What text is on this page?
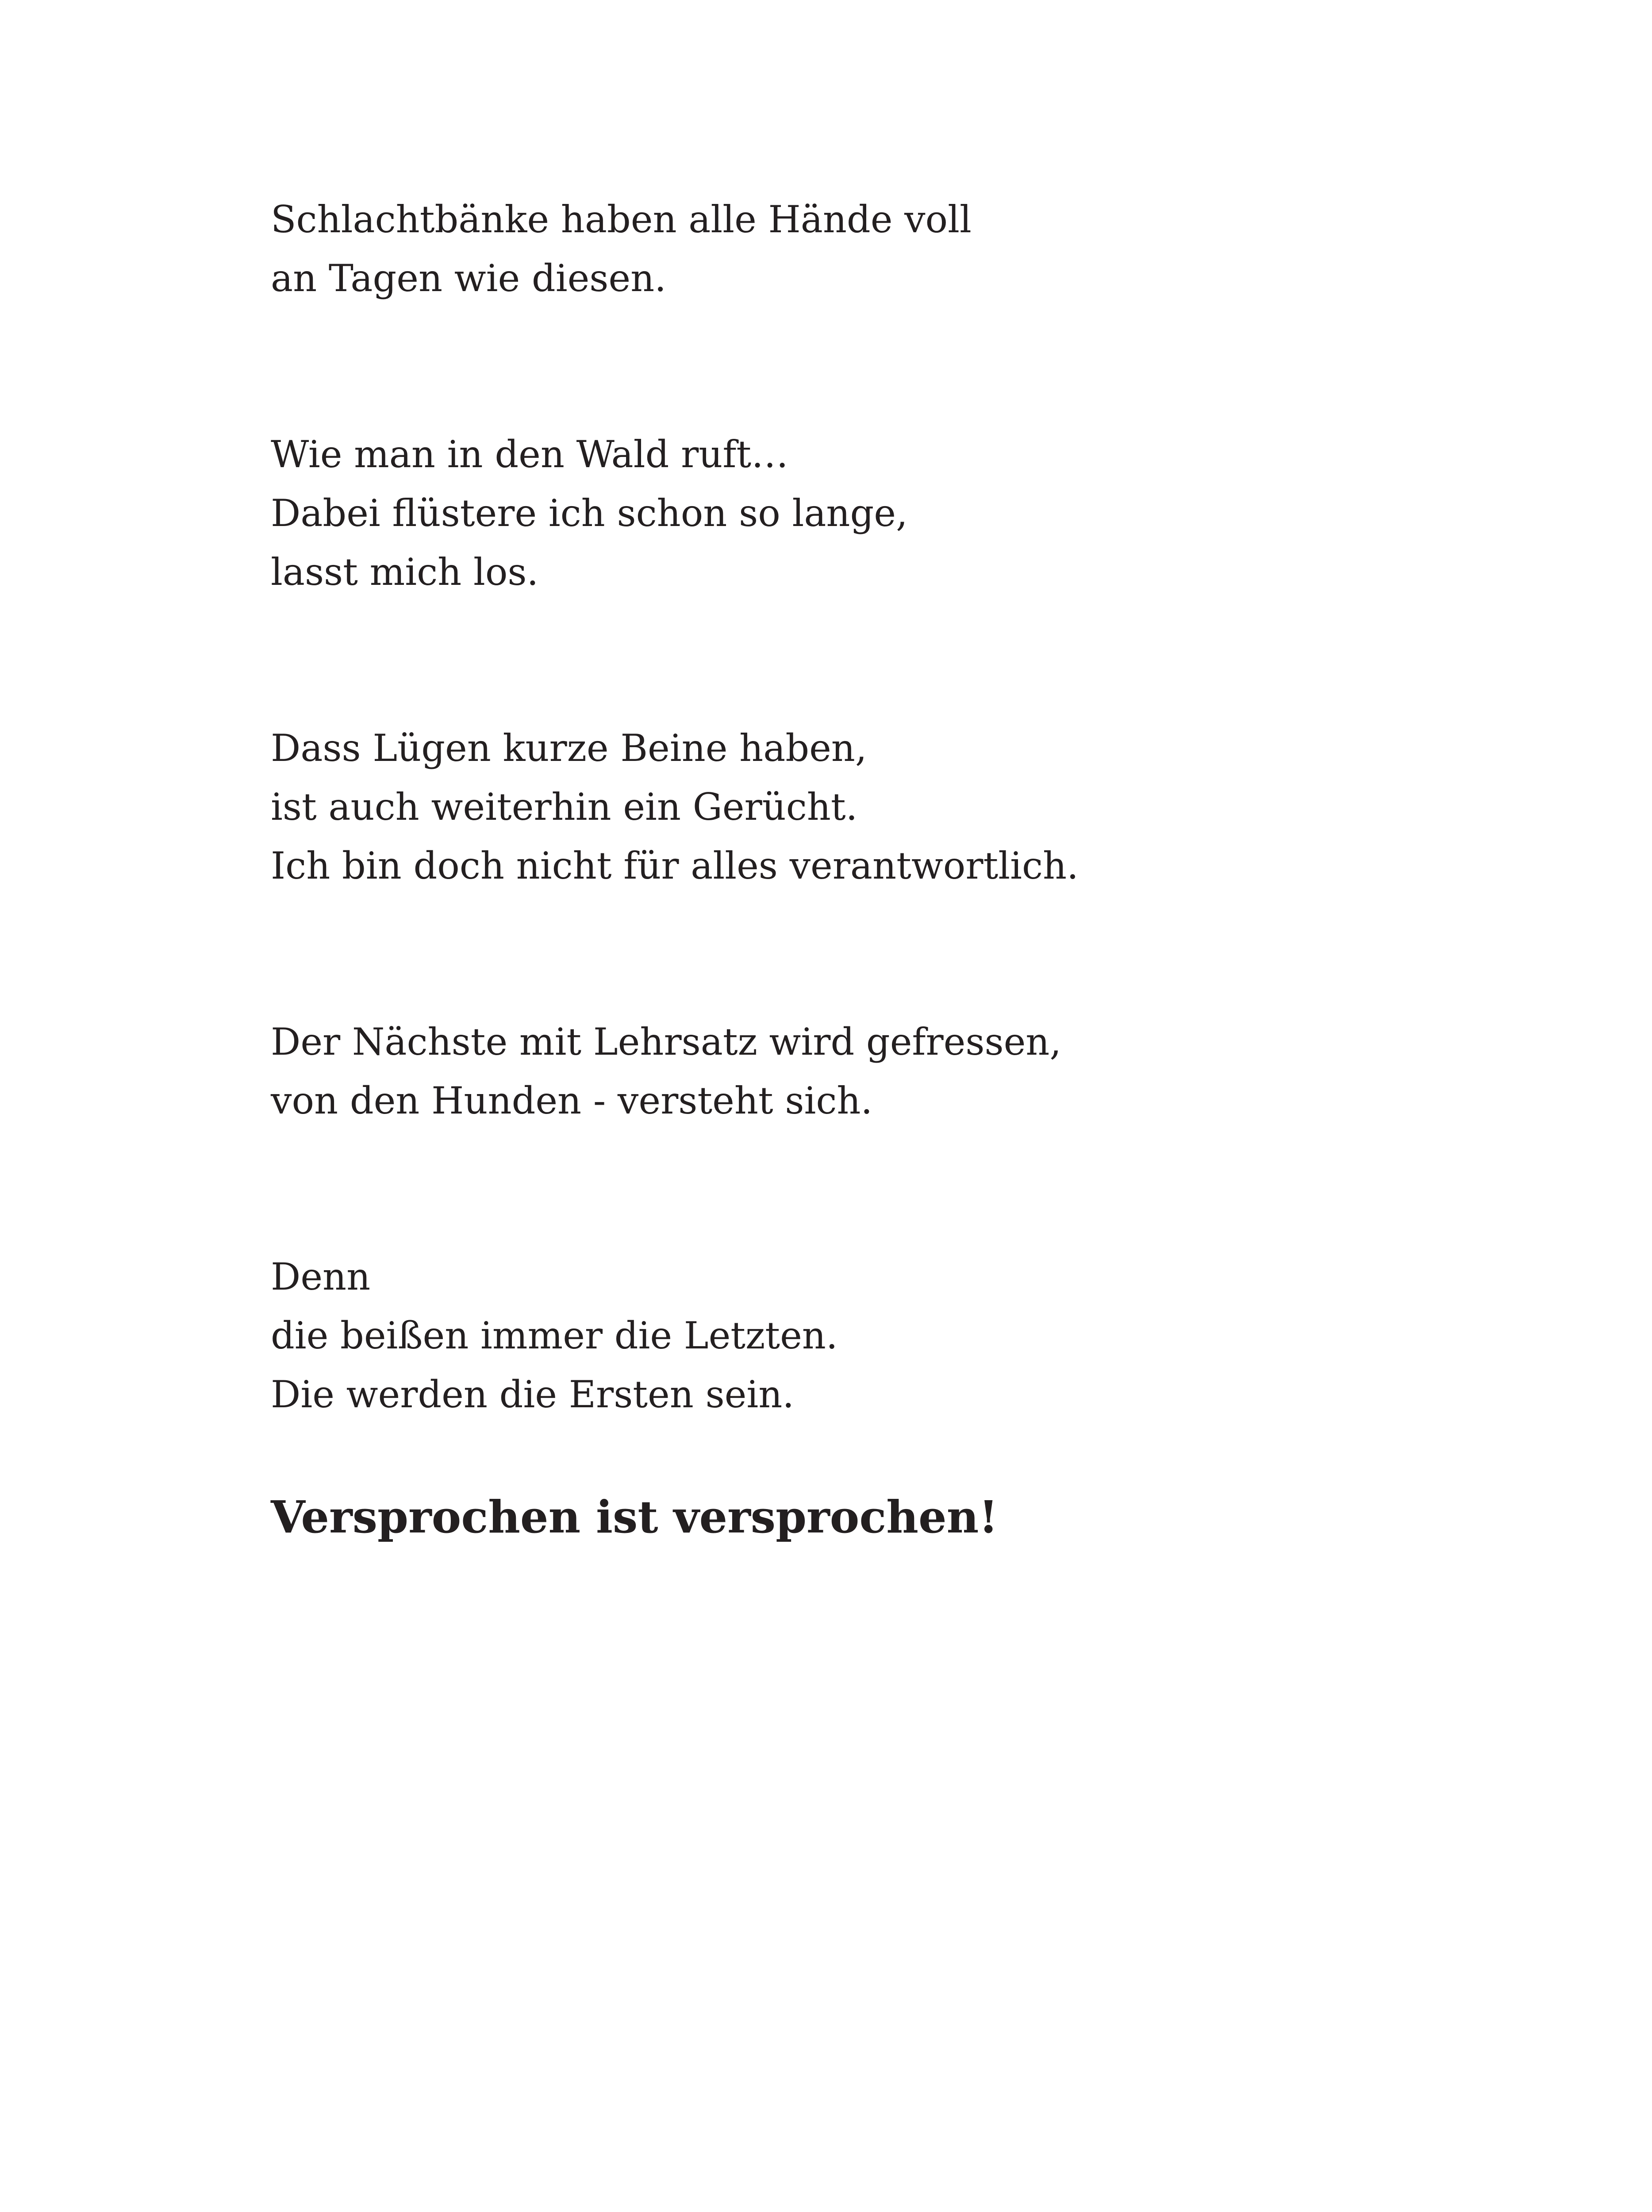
Schlachtbänke haben alle Hände voll
an Tagen wie diesen.
Wie man in den Wald ruft…
Dabei flüstere ich schon so lange,
lasst mich los.
Dass Lügen kurze Beine haben,
ist auch weiterhin ein Gerücht.
Ich bin doch nicht für alles verantwortlich.
Der Nächste mit Lehrsatz wird gefressen,
von den Hunden - versteht sich.
Denn
die beißen immer die Letzten.
Die werden die Ersten sein.
Versprochen ist versprochen!
